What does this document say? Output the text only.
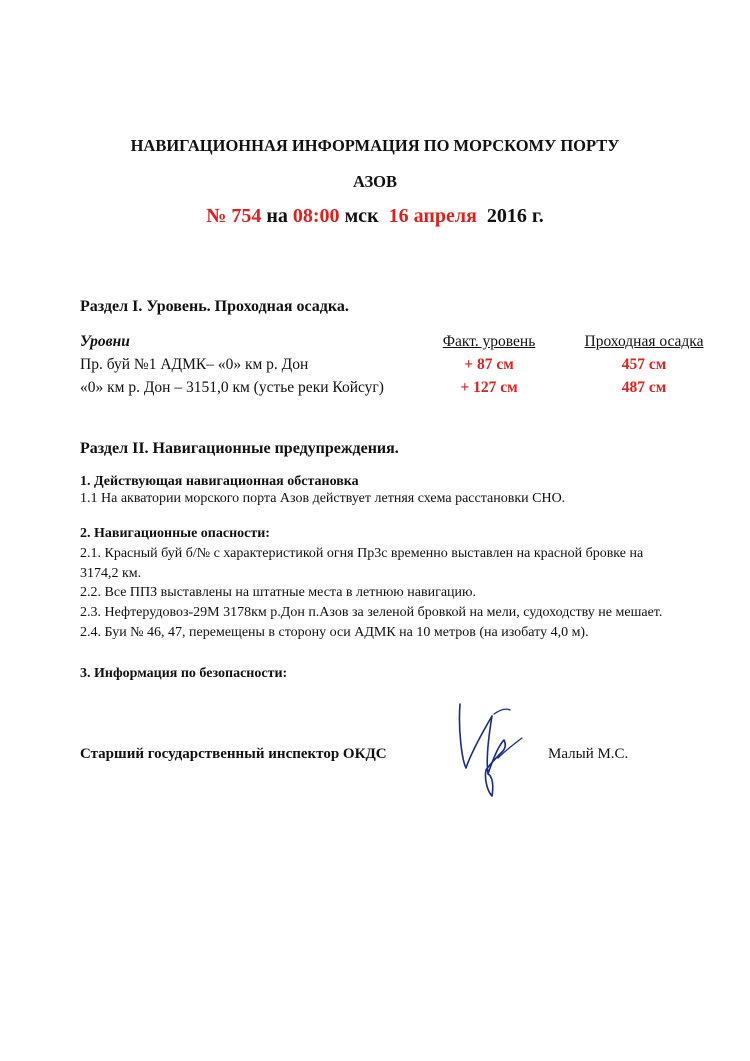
НАВИГАЦИОННАЯ ИНФОРМАЦИЯ ПО МОРСКОМУ ПОРТУ
АЗОВ
№ 754 на 08:00 мск 16 апреля 2016 г.
Раздел I. Уровень. Проходная осадка.
Уровни	Факт. уровень	Проходная осадка
Пр. буй №1 АДМК– «0» км р. Дон	+ 87 см	457 см
«0» км р. Дон – 3151,0 км (устье реки Койсуг)	+ 127 см	487 см
Раздел II. Навигационные предупреждения.
1. Действующая навигационная обстановка
1.1 На акватории морского порта Азов действует летняя схема расстановки СНО.
2. Навигационные опасности:
2.1. Красный буй б/№ с характеристикой огня Пр3с временно выставлен на красной бровке на
3174,2 км.
2.2. Все ППЗ выставлены на штатные места в летнюю навигацию.
2.3. Нефтерудовоз-29М 3178км р.Дон п.Азов за зеленой бровкой на мели, судоходству не мешает.
2.4. Буи № 46, 47, перемещены в сторону оси АДМК на 10 метров (на изобату 4,0 м).
3. Информация по безопасности:
Старший государственный инспектор ОКДС	Малый М.С.
